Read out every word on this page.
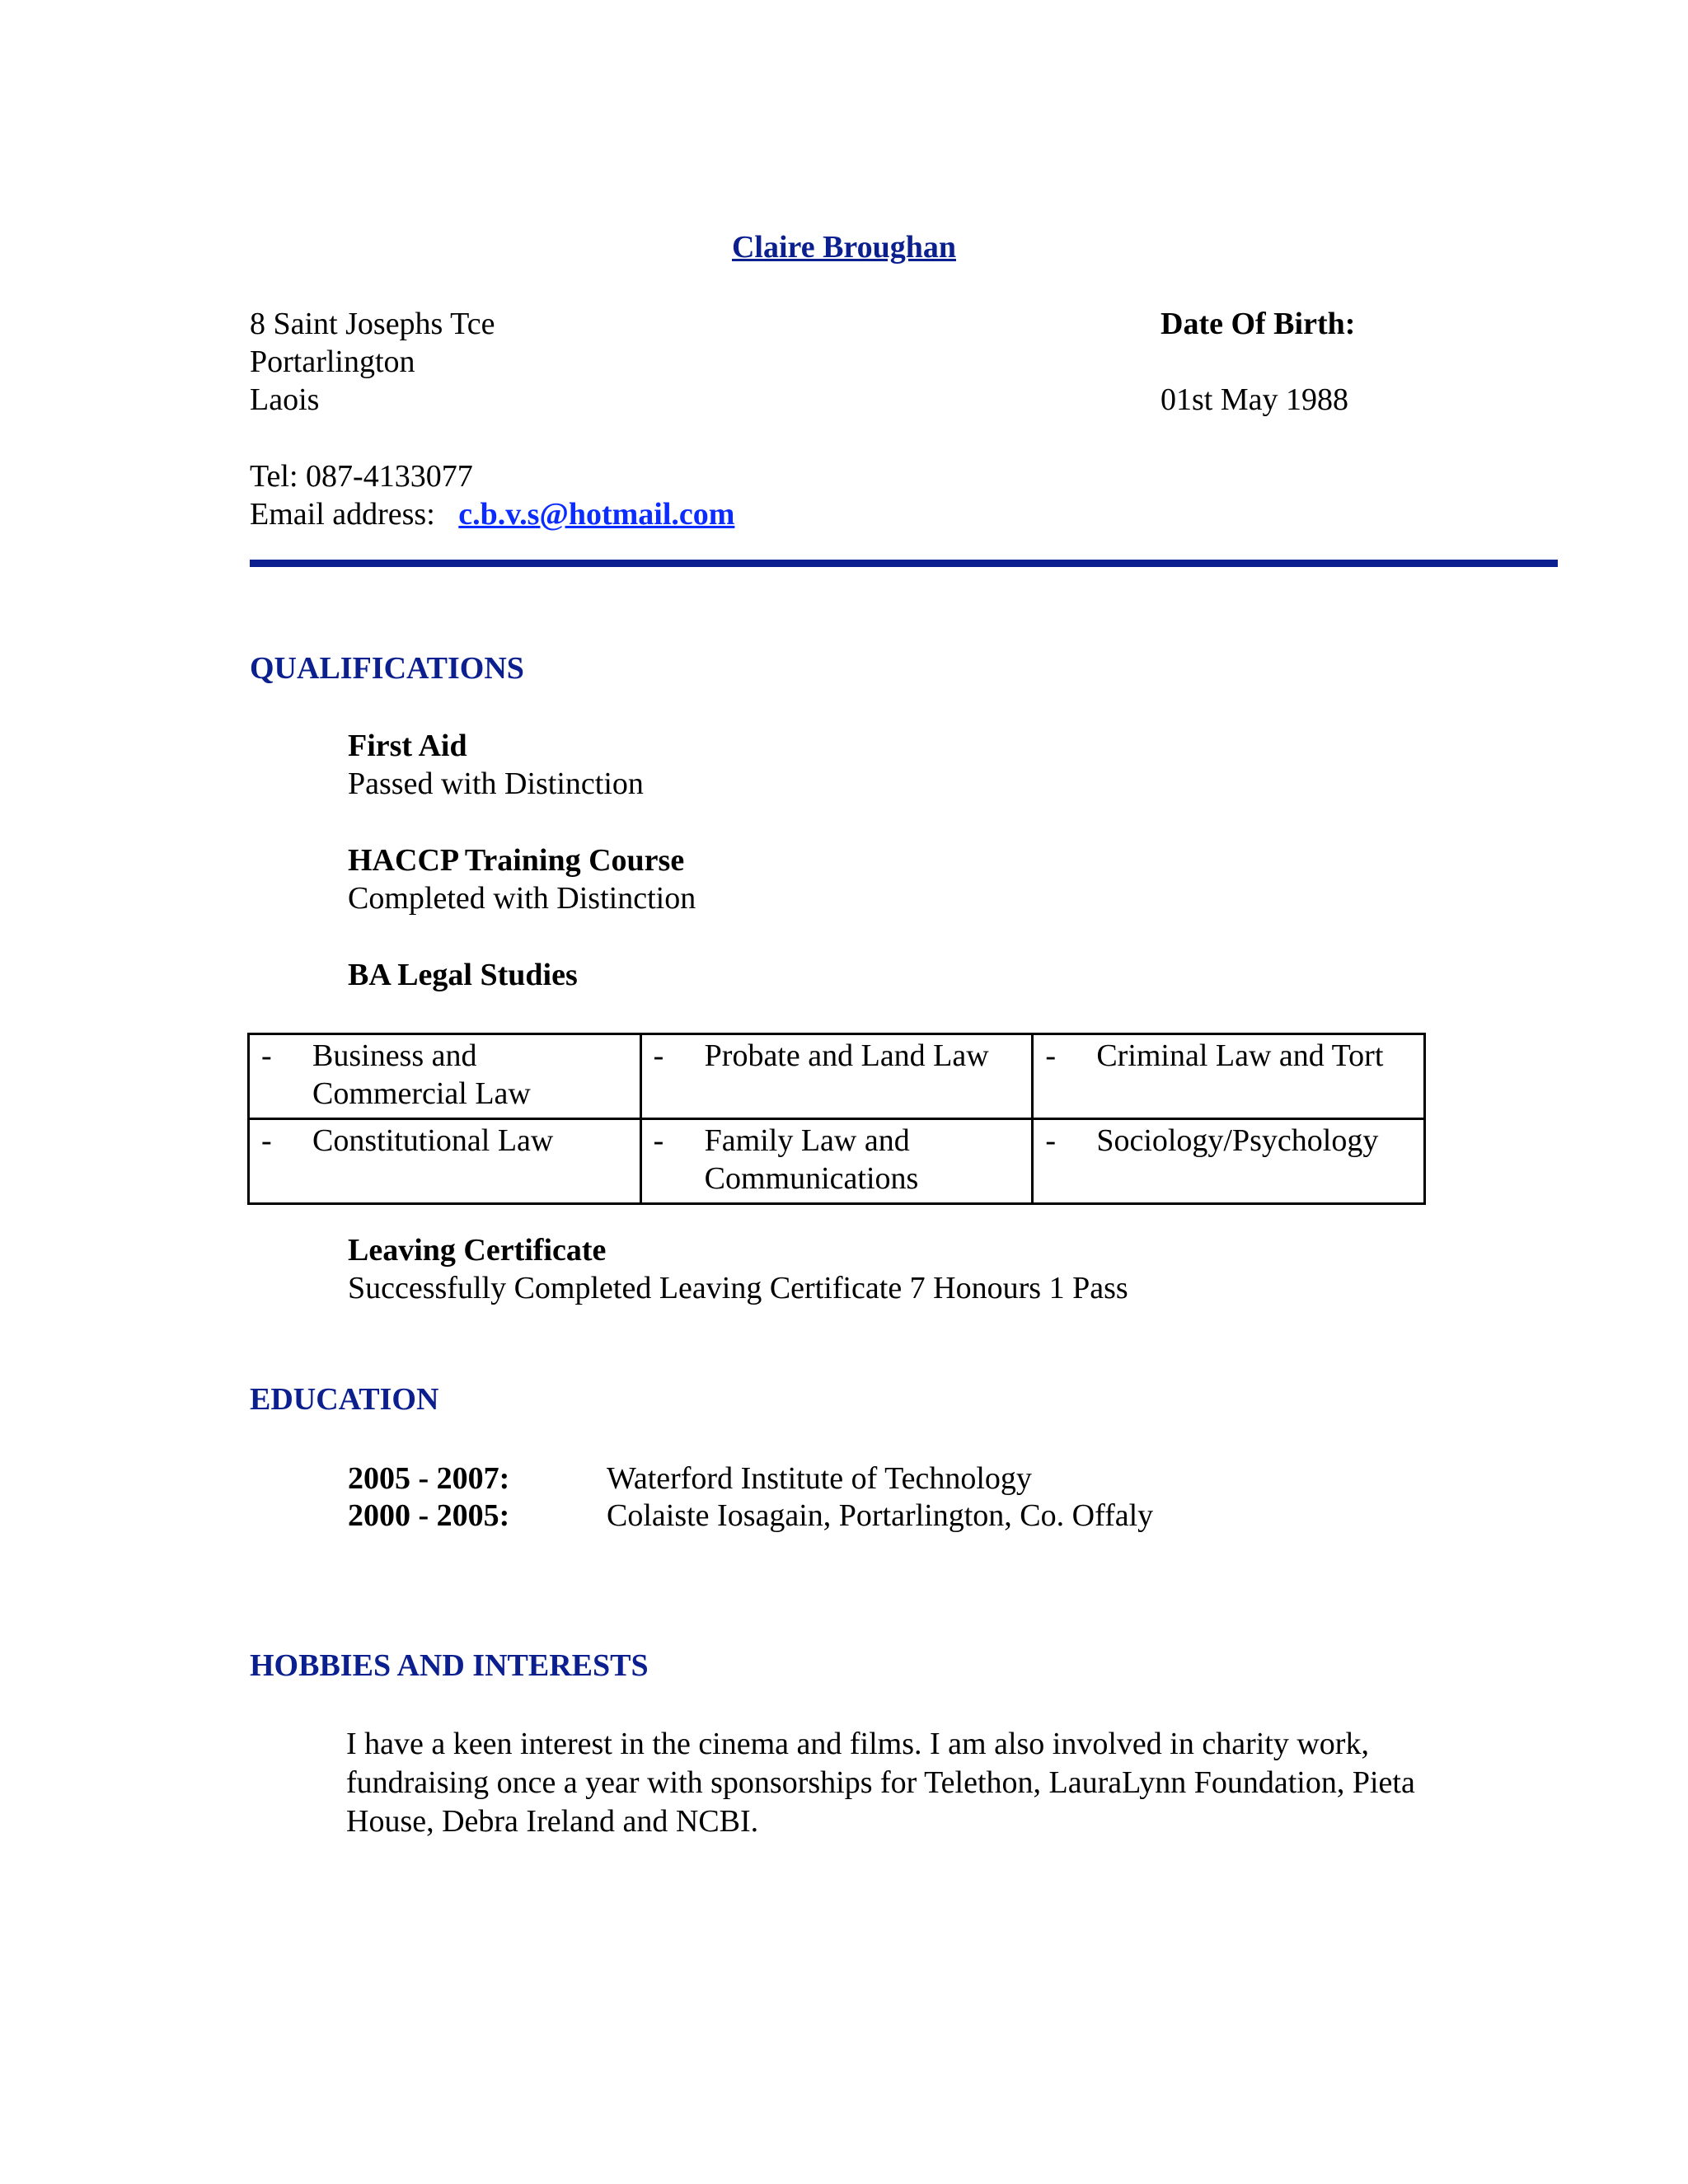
Claire Broughan
8 Saint Josephs Tce
Portarlington
Laois
Date Of Birth:
01st May 1988
Tel: 087-4133077
Email address: c.b.v.s@hotmail.com
QUALIFICATIONS
First Aid
Passed with Distinction
HACCP Training Course
Completed with Distinction
BA Legal Studies
- Business and Commercial Law	- Probate and Land Law	- Criminal Law and Tort

- Constitutional Law	- Family Law and Communications	- Sociology/Psychology
Leaving Certificate
Successfully Completed Leaving Certificate 7 Honours 1 Pass
EDUCATION
2005 - 2007:	Waterford Institute of Technology
2000 - 2005:	Colaiste Iosagain, Portarlington, Co. Offaly
HOBBIES AND INTERESTS
I have a keen interest in the cinema and films. I am also involved in charity work, fundraising once a year with sponsorships for Telethon, LauraLynn Foundation, Pieta House, Debra Ireland and NCBI.
